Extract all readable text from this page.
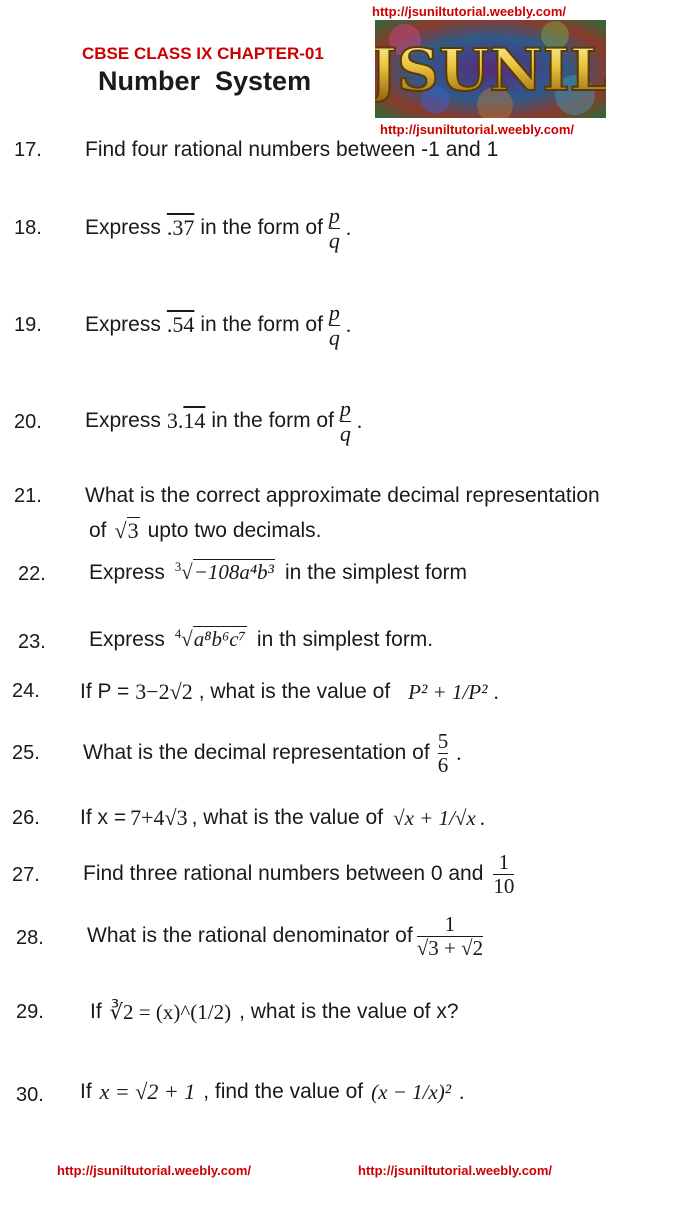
http://jsuniltutorial.weebly.com/
CBSE CLASS IX CHAPTER-01
Number  System JSUNIL
http://jsuniltutorial.weebly.com/
17. Find four rational numbers between -1 and 1
18. Express .37 in the form of $\frac{p}{q}$ .
19. Express .54 in the form of $\frac{p}{q}$ .
20. Express 3.14 in the form of $\frac{p}{q}$ .
21. What is the correct approximate decimal representation
of √3 upto two decimals.
22. Express $^3$√−108a⁴b³ in the simplest form
23. Express $^4$√a⁸b⁶c⁷ in th simplest form.
24. If P = 3−2√2 , what is the value of P² + 1/P² .
25. What is the decimal representation of $\frac{5}{6}$ .
26. If x = 7+4√3 , what is the value of √x + 1/√x .
27. Find three rational numbers between 0 and $\frac{1}{10}$
28. What is the rational denominator of $\frac{1}{√3 + √2}$
29. If ∛2 = (x)^(1/2) , what is the value of x?
30. If x = √2 + 1 , find the value of (x − 1/x)² .
http://jsuniltutorial.weebly.com/	http://jsuniltutorial.weebly.com/
